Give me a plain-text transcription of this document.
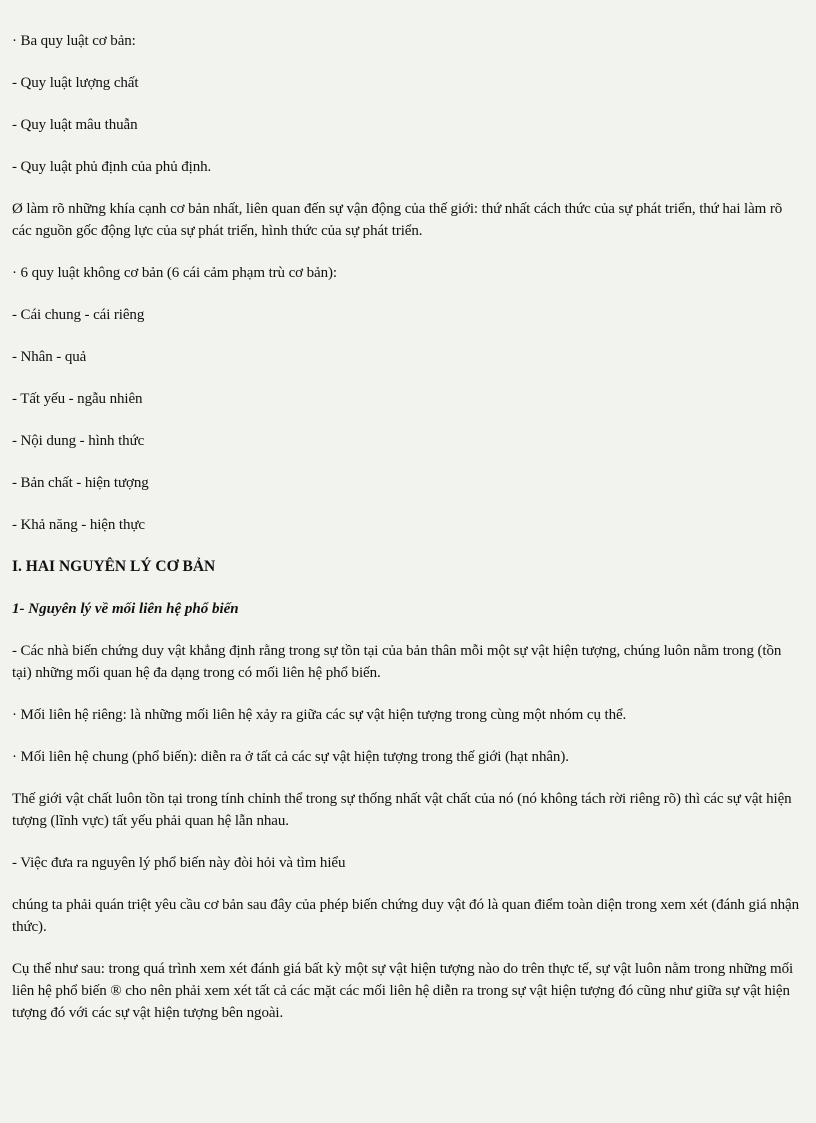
· Ba quy luật cơ bản:

- Quy luật lượng chất

- Quy luật mâu thuẫn

- Quy luật phủ định của phủ định.

Ø làm rõ những khía cạnh cơ bản nhất, liên quan đến sự vận động của thế giới: thứ nhất cách thức của sự phát triển, thứ hai làm rõ các nguồn gốc động lực của sự phát triển, hình thức của sự phát triển.

· 6 quy luật không cơ bản (6 cái cảm phạm trù cơ bản):

- Cái chung - cái riêng

- Nhân - quả

- Tất yếu - ngẫu nhiên

- Nội dung - hình thức

- Bản chất - hiện tượng

- Khả năng - hiện thực

I. HAI NGUYÊN LÝ CƠ BẢN
1- Nguyên lý về mối liên hệ phổ biến

- Các nhà biến chứng duy vật khẳng định rằng trong sự tồn tại của bản thân mỗi một sự vật hiện tượng, chúng luôn nằm trong (tồn tại) những mối quan hệ đa dạng trong có mối liên hệ phổ biến.

· Mối liên hệ riêng: là những mối liên hệ xảy ra giữa các sự vật hiện tượng trong cùng một nhóm cụ thể.

· Mối liên hệ chung (phổ biến): diễn ra ở tất cả các sự vật hiện tượng trong thế giới (hạt nhân).

Thế giới vật chất luôn tồn tại trong tính chỉnh thể trong sự thống nhất vật chất của nó (nó không tách rời riêng rõ) thì các sự vật hiện tượng (lĩnh vực) tất yếu phải quan hệ lẫn nhau.

- Việc đưa ra nguyên lý phổ biến này đòi hỏi và tìm hiểu

chúng ta phải quán triệt yêu cầu cơ bản sau đây của phép biến chứng duy vật đó là quan điểm toàn diện trong xem xét (đánh giá nhận thức).

Cụ thể như sau: trong quá trình xem xét đánh giá bất kỳ một sự vật hiện tượng nào do trên thực tế, sự vật luôn nằm trong những mối liên hệ phổ biến ® cho nên phải xem xét tất cả các mặt các mối liên hệ diễn ra trong sự vật hiện tượng đó cũng như giữa sự vật hiện tượng đó với các sự vật hiện tượng bên ngoài.
